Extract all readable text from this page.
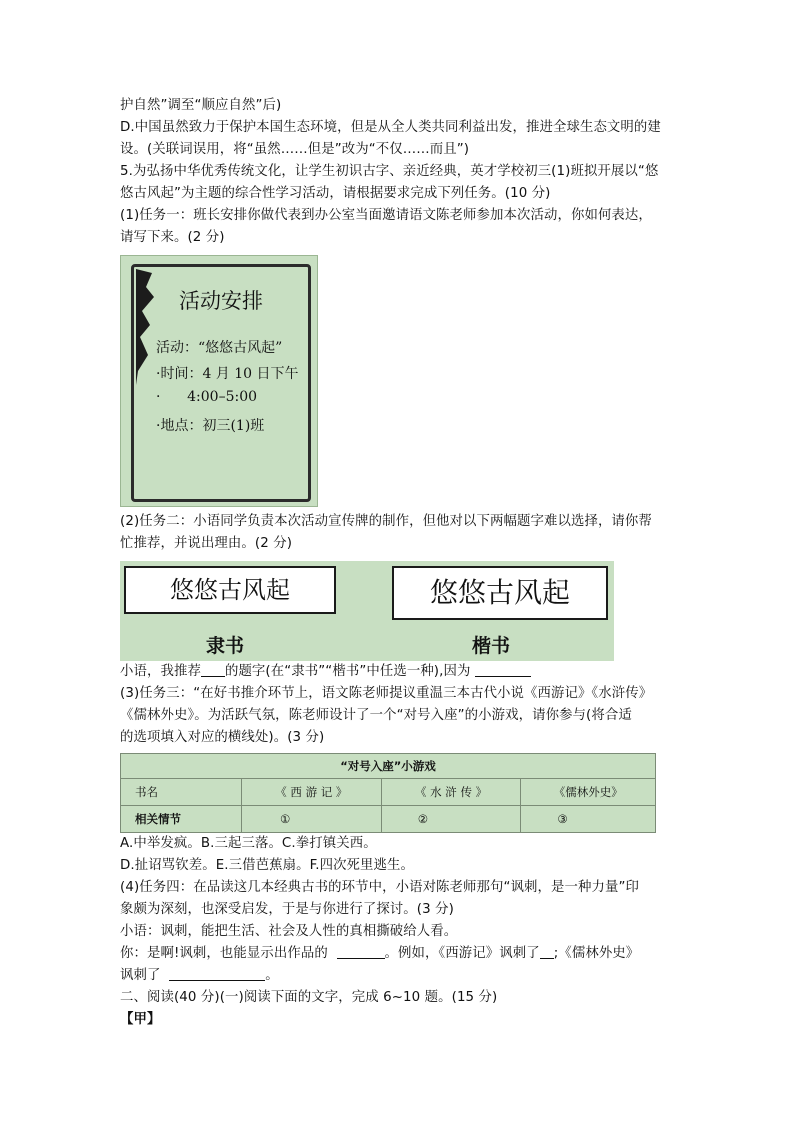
护自然”调至“顺应自然”后)

D.中国虽然致力于保护本国生态环境，但是从全人类共同利益出发，推进全球生态文明的建

设。(关联词误用，将“虽然……但是”改为“不仅……而且”)

5.为弘扬中华优秀传统文化，让学生初识古字、亲近经典，英才学校初三(1)班拟开展以“悠

悠古风起”为主题的综合性学习活动，请根据要求完成下列任务。(10 分)

(1)任务一：班长安排你做代表到办公室当面邀请语文陈老师参加本次活动，你如何表达，

请写下来。(2 分)

活动安排
活动：“悠悠古风起”
·时间：4 月 10 日下午
·      4:00–5:00
·地点：初三(1)班

(2)任务二：小语同学负责本次活动宣传牌的制作，但他对以下两幅题字难以选择，请你帮

忙推荐，并说出理由。(2 分)

悠悠古风起	悠悠古风起
隶书	楷书

小语，我推荐 的题字(在“隶书”“楷书”中任选一种),因为

(3)任务三：“在好书推介环节上，语文陈老师提议重温三本古代小说《西游记》《水浒传》

《儒林外史》。为活跃气氛，陈老师设计了一个“对号入座”的小游戏，请你参与(将合适

的选项填入对应的横线处)。(3 分)

“对号入座”小游戏			
书名	《 西 游 记 》	《 水 浒 传 》	《儒林外史》
相关情节	①	②	③

A.中举发疯。B.三起三落。C.拳打镇关西。

D.扯诏骂钦差。E.三借芭蕉扇。F.四次死里逃生。

(4)任务四：在品读这几本经典古书的环节中，小语对陈老师那句“讽刺，是一种力量”印

象颇为深刻，也深受启发，于是与你进行了探讨。(3 分)

小语：讽刺，能把生活、社会及人性的真相撕破给人看。

你：是啊!讽刺，也能显示出作品的	。例如，《西游记》讽刺了 ;《儒林外史》

讽刺了	。

二、阅读(40 分)(一)阅读下面的文字，完成 6~10 题。(15 分)

【甲】
